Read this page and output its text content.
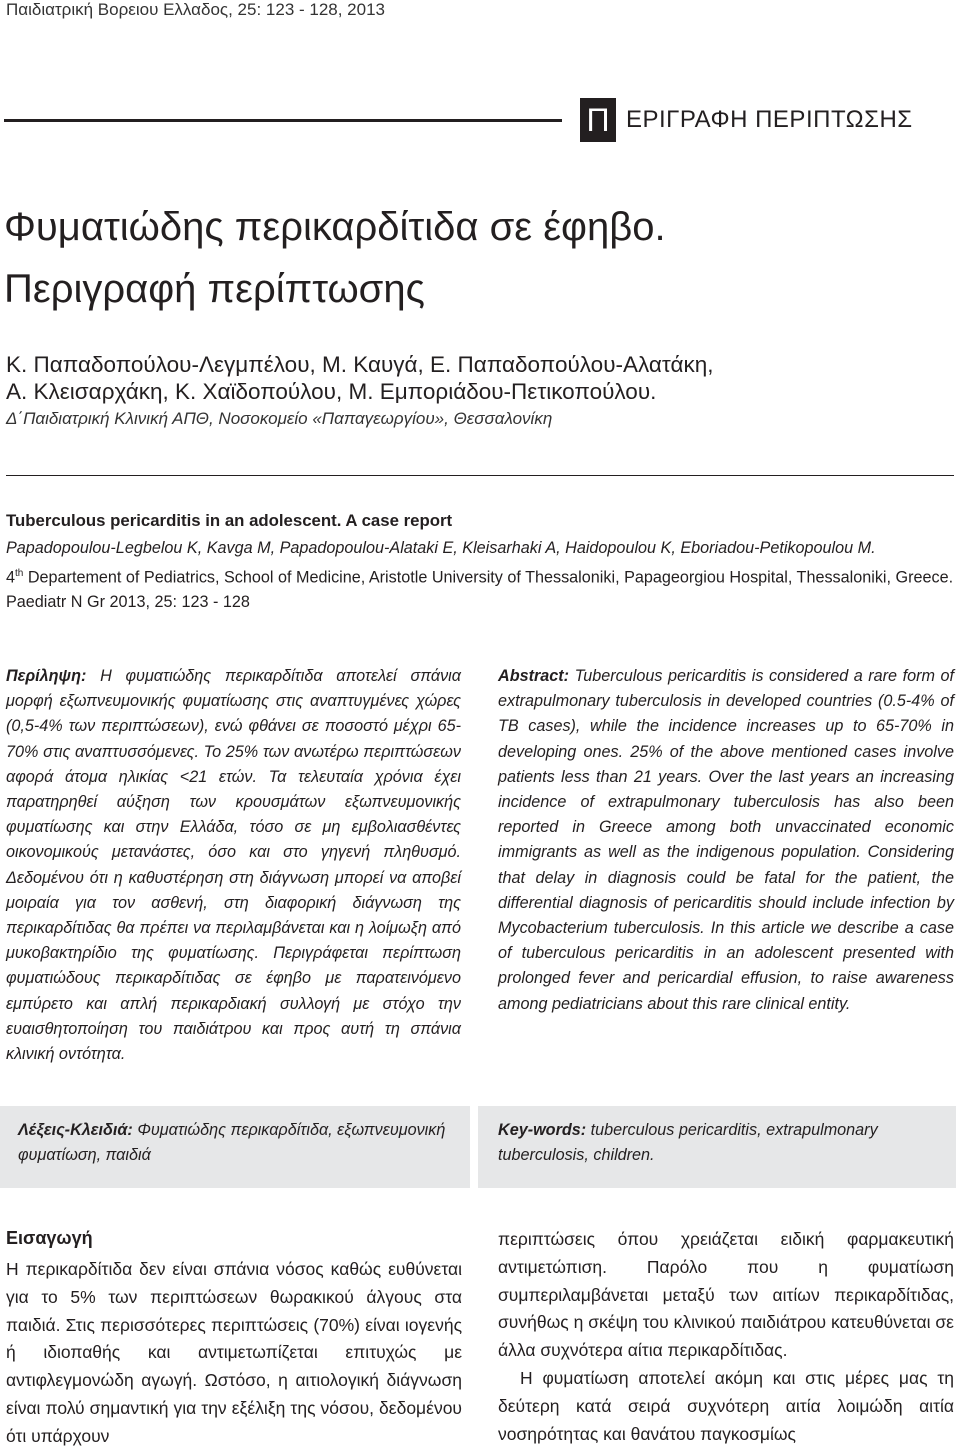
Παιδιατρική Βορειου Ελλαδος, 25: 123 - 128, 2013
Π ΕΡΙΓΡΑΦΗ ΠΕΡΙΠΤΩΣΗΣ
Φυματιώδης περικαρδίτιδα σε έφηβο.
Περιγραφή περίπτωσης
Κ. Παπαδοπούλου-Λεγμπέλου, Μ. Καυγά, Ε. Παπαδοπούλου-Αλατάκη,
Α. Κλεισαρχάκη, Κ. Χαϊδοπούλου, Μ. Εμποριάδου-Πετικοπούλου.
Δ΄Παιδιατρική Κλινική ΑΠΘ, Νοσοκομείο «Παπαγεωργίου», Θεσσαλονίκη
Tuberculous pericarditis in an adolescent. A case report
Papadopoulou-Legbelou K, Kavga M, Papadopoulou-Alataki E, Kleisarhaki A, Haidopoulou K, Eboriadou-Petikopoulou M.
4th Departement of Pediatrics, School of Medicine, Aristotle University of Thessaloniki, Papageorgiou Hospital, Thessaloniki, Greece.
Paediatr N Gr 2013, 25: 123 - 128
Περίληψη: Η φυματιώδης περικαρδίτιδα αποτελεί σπάνια μορφή εξωπνευμονικής φυματίωσης στις αναπτυγμένες χώρες (0,5-4% των περιπτώσεων), ενώ φθάνει σε ποσοστό μέχρι 65-70% στις αναπτυσσόμενες. Το 25% των ανωτέρω περιπτώσεων αφορά άτομα ηλικίας <21 ετών. Τα τελευταία χρόνια έχει παρατηρηθεί αύξηση των κρουσμάτων εξωπνευμονικής φυματίωσης και στην Ελλάδα, τόσο σε μη εμβολιασθέντες οικονομικούς μετανάστες, όσο και στο γηγενή πληθυσμό. Δεδομένου ότι η καθυστέρηση στη διάγνωση μπορεί να αποβεί μοιραία για τον ασθενή, στη διαφορική διάγνωση της περικαρδίτιδας θα πρέπει να περιλαμβάνεται και η λοίμωξη από μυκοβακτηρίδιο της φυματίωσης. Περιγράφεται περίπτωση φυματιώδους περικαρδίτιδας σε έφηβο με παρατεινόμενο εμπύρετο και απλή περικαρδιακή συλλογή με στόχο την ευαισθητοποίηση του παιδιάτρου και προς αυτή τη σπάνια κλινική οντότητα.
Abstract: Tuberculous pericarditis is considered a rare form of extrapulmonary tuberculosis in developed countries (0.5-4% of TB cases), while the incidence increases up to 65-70% in developing ones. 25% of the above mentioned cases involve patients less than 21 years. Over the last years an increasing incidence of extrapulmonary tuberculosis has also been reported in Greece among both unvaccinated economic immigrants as well as the indigenous population. Considering that delay in diagnosis could be fatal for the patient, the differential diagnosis of pericarditis should include infection by Mycobacterium tuberculosis. In this article we describe a case of tuberculous pericarditis in an adolescent presented with prolonged fever and pericardial effusion, to raise awareness among pediatricians about this rare clinical entity.
Λέξεις-Κλειδιά: Φυματιώδης περικαρδίτιδα, εξωπνευμονική φυματίωση, παιδιά
Key-words: tuberculous pericarditis, extrapulmonary tuberculosis, children.
Εισαγωγή
Η περικαρδίτιδα δεν είναι σπάνια νόσος καθώς ευθύνεται για το 5% των περιπτώσεων θωρακικού άλγους στα παιδιά. Στις περισσότερες περιπτώσεις (70%) είναι ιογενής ή ιδιοπαθής και αντιμετωπίζεται επιτυχώς με αντιφλεγμονώδη αγωγή. Ωστόσο, η αιτιολογική διάγνωση είναι πολύ σημαντική για την εξέλιξη της νόσου, δεδομένου ότι υπάρχουν

περιπτώσεις όπου χρειάζεται ειδική φαρμακευτική αντιμετώπιση. Παρόλο που η φυματίωση συμπεριλαμβάνεται μεταξύ των αιτίων περικαρδίτιδας, συνήθως η σκέψη του κλινικού παιδιάτρου κατευθύνεται σε άλλα συχνότερα αίτια περικαρδίτιδας.

Η φυματίωση αποτελεί ακόμη και στις μέρες μας τη δεύτερη κατά σειρά συχνότερη αιτία λοιμώδη αιτία νοσηρότητας και θανάτου παγκοσμίως
